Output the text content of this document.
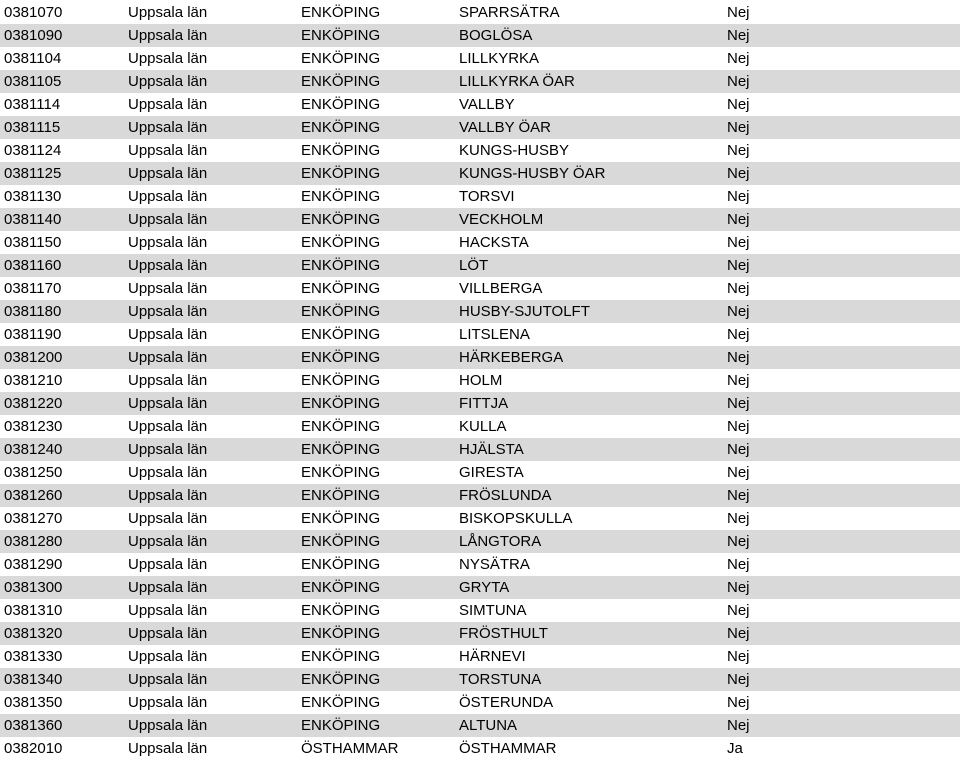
0381070	Uppsala län	ENKÖPING	SPARRSÄTRA	Nej
0381090	Uppsala län	ENKÖPING	BOGLÖSA	Nej
0381104	Uppsala län	ENKÖPING	LILLKYRKA	Nej
0381105	Uppsala län	ENKÖPING	LILLKYRKA ÖAR	Nej
0381114	Uppsala län	ENKÖPING	VALLBY	Nej
0381115	Uppsala län	ENKÖPING	VALLBY ÖAR	Nej
0381124	Uppsala län	ENKÖPING	KUNGS-HUSBY	Nej
0381125	Uppsala län	ENKÖPING	KUNGS-HUSBY ÖAR	Nej
0381130	Uppsala län	ENKÖPING	TORSVI	Nej
0381140	Uppsala län	ENKÖPING	VECKHOLM	Nej
0381150	Uppsala län	ENKÖPING	HACKSTA	Nej
0381160	Uppsala län	ENKÖPING	LÖT	Nej
0381170	Uppsala län	ENKÖPING	VILLBERGA	Nej
0381180	Uppsala län	ENKÖPING	HUSBY-SJUTOLFT	Nej
0381190	Uppsala län	ENKÖPING	LITSLENA	Nej
0381200	Uppsala län	ENKÖPING	HÄRKEBERGA	Nej
0381210	Uppsala län	ENKÖPING	HOLM	Nej
0381220	Uppsala län	ENKÖPING	FITTJA	Nej
0381230	Uppsala län	ENKÖPING	KULLA	Nej
0381240	Uppsala län	ENKÖPING	HJÄLSTA	Nej
0381250	Uppsala län	ENKÖPING	GIRESTA	Nej
0381260	Uppsala län	ENKÖPING	FRÖSLUNDA	Nej
0381270	Uppsala län	ENKÖPING	BISKOPSKULLA	Nej
0381280	Uppsala län	ENKÖPING	LÅNGTORA	Nej
0381290	Uppsala län	ENKÖPING	NYSÄTRA	Nej
0381300	Uppsala län	ENKÖPING	GRYTA	Nej
0381310	Uppsala län	ENKÖPING	SIMTUNA	Nej
0381320	Uppsala län	ENKÖPING	FRÖSTHULT	Nej
0381330	Uppsala län	ENKÖPING	HÄRNEVI	Nej
0381340	Uppsala län	ENKÖPING	TORSTUNA	Nej
0381350	Uppsala län	ENKÖPING	ÖSTERUNDA	Nej
0381360	Uppsala län	ENKÖPING	ALTUNA	Nej
0382010	Uppsala län	ÖSTHAMMAR	ÖSTHAMMAR	Ja
